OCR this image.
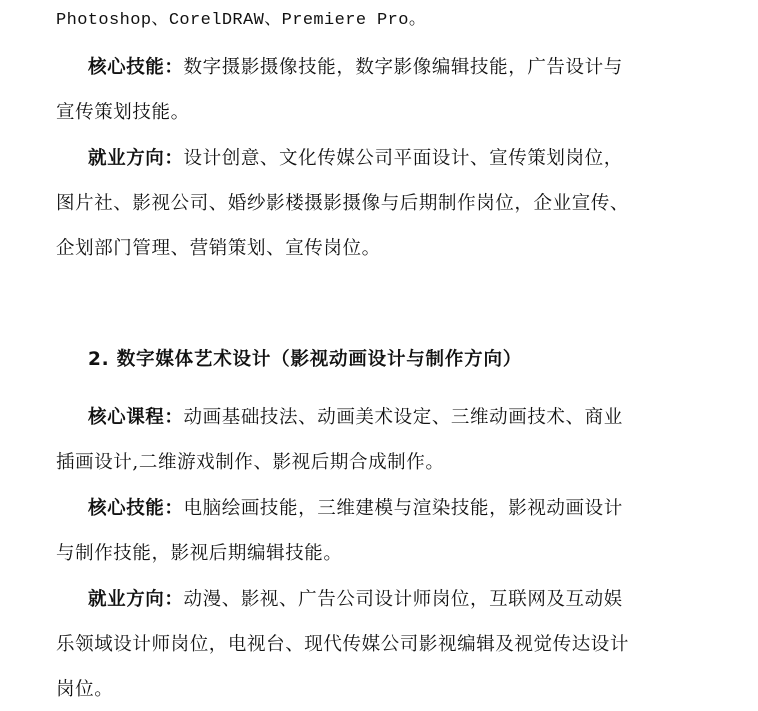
Photoshop、CorelDRAW、Premiere Pro。
核心技能：数字摄影摄像技能，数字影像编辑技能，广告设计与
宣传策划技能。
就业方向：设计创意、文化传媒公司平面设计、宣传策划岗位，
图片社、影视公司、婚纱影楼摄影摄像与后期制作岗位，企业宣传、
企划部门管理、营销策划、宣传岗位。
2. 数字媒体艺术设计（影视动画设计与制作方向）
核心课程：动画基础技法、动画美术设定、三维动画技术、商业
插画设计,二维游戏制作、影视后期合成制作。
核心技能：电脑绘画技能，三维建模与渲染技能，影视动画设计
与制作技能，影视后期编辑技能。
就业方向：动漫、影视、广告公司设计师岗位，互联网及互动娱
乐领域设计师岗位，电视台、现代传媒公司影视编辑及视觉传达设计
岗位。
